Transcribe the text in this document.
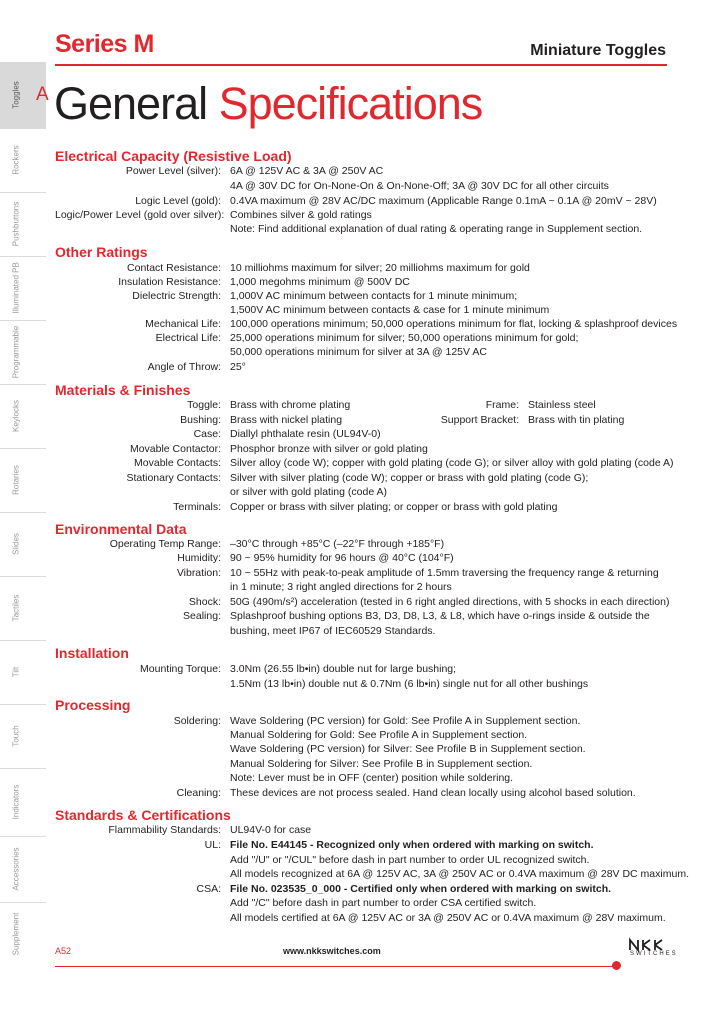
Series M	Miniature Toggles
Toggles
Rockers
Pushbuttons
Illuminated PB
Programmable
Keylocks
Rotaries
Slides
Tactiles
Tilt
Touch
Indicators
Accessories
Supplement
A General Specifications
Electrical Capacity (Resistive Load)
Power Level (silver): 6A @ 125V AC & 3A @ 250V AC
4A @ 30V DC for On-None-On & On-None-Off; 3A @ 30V DC for all other circuits
Logic Level (gold): 0.4VA maximum @ 28V AC/DC maximum (Applicable Range 0.1mA ~ 0.1A @ 20mV ~ 28V)
Logic/Power Level (gold over silver): Combines silver & gold ratings
Note: Find additional explanation of dual rating & operating range in Supplement section.
Other Ratings
Contact Resistance: 10 milliohms maximum for silver; 20 milliohms maximum for gold
Insulation Resistance: 1,000 megohms minimum @ 500V DC
Dielectric Strength: 1,000V AC minimum between contacts for 1 minute minimum;
1,500V AC minimum between contacts & case for 1 minute minimum
Mechanical Life: 100,000 operations minimum; 50,000 operations minimum for flat, locking & splashproof devices
Electrical Life: 25,000 operations minimum for silver; 50,000 operations minimum for gold;
50,000 operations minimum for silver at 3A @ 125V AC
Angle of Throw: 25°
Materials & Finishes
Toggle: Brass with chrome plating	Frame: Stainless steel
Bushing: Brass with nickel plating	Support Bracket: Brass with tin plating
Case: Diallyl phthalate resin (UL94V-0)
Movable Contactor: Phosphor bronze with silver or gold plating
Movable Contacts: Silver alloy (code W); copper with gold plating (code G); or silver alloy with gold plating (code A)
Stationary Contacts: Silver with silver plating (code W); copper or brass with gold plating (code G);
or silver with gold plating (code A)
Terminals: Copper or brass with silver plating; or copper or brass with gold plating
Environmental Data
Operating Temp Range: –30°C through +85°C (–22°F through +185°F)
Humidity: 90 ~ 95% humidity for 96 hours @ 40°C (104°F)
Vibration: 10 ~ 55Hz with peak-to-peak amplitude of 1.5mm traversing the frequency range & returning
in 1 minute; 3 right angled directions for 2 hours
Shock: 50G (490m/s²) acceleration (tested in 6 right angled directions, with 5 shocks in each direction)
Sealing: Splashproof bushing options B3, D3, D8, L3, & L8, which have o-rings inside & outside the
bushing, meet IP67 of IEC60529 Standards.
Installation
Mounting Torque: 3.0Nm (26.55 lb•in) double nut for large bushing;
1.5Nm (13 lb•in) double nut & 0.7Nm (6 lb•in) single nut for all other bushings
Processing
Soldering: Wave Soldering (PC version) for Gold: See Profile A in Supplement section.
Manual Soldering for Gold: See Profile A in Supplement section.
Wave Soldering (PC version) for Silver: See Profile B in Supplement section.
Manual Soldering for Silver: See Profile B in Supplement section.
Note: Lever must be in OFF (center) position while soldering.
Cleaning: These devices are not process sealed. Hand clean locally using alcohol based solution.
Standards & Certifications
Flammability Standards: UL94V-0 for case
UL: File No. E44145 - Recognized only when ordered with marking on switch.
Add "/U" or "/CUL" before dash in part number to order UL recognized switch.
All models recognized at 6A @ 125V AC, 3A @ 250V AC or 0.4VA maximum @ 28V DC maximum.
CSA: File No. 023535_0_000 - Certified only when ordered with marking on switch.
Add "/C" before dash in part number to order CSA certified switch.
All models certified at 6A @ 125V AC or 3A @ 250V AC or 0.4VA maximum @ 28V maximum.
A52	www.nkkswitches.com	SWITCHES
